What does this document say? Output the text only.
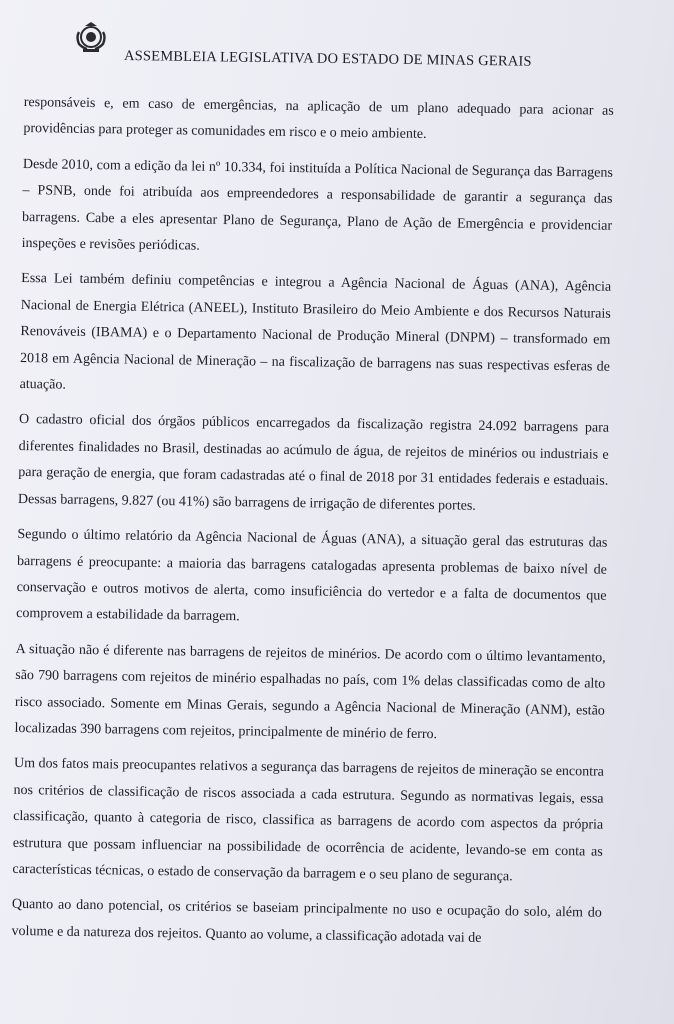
ASSEMBLEIA LEGISLATIVA DO ESTADO DE MINAS GERAIS

responsáveis e, em caso de emergências, na aplicação de um plano adequado para acionar as providências para proteger as comunidades em risco e o meio ambiente.

Desde 2010, com a edição da lei nº 10.334, foi instituída a Política Nacional de Segurança das Barragens – PSNB, onde foi atribuída aos empreendedores a responsabilidade de garantir a segurança das barragens. Cabe a eles apresentar Plano de Segurança, Plano de Ação de Emergência e providenciar inspeções e revisões periódicas.

Essa Lei também definiu competências e integrou a Agência Nacional de Águas (ANA), Agência Nacional de Energia Elétrica (ANEEL), Instituto Brasileiro do Meio Ambiente e dos Recursos Naturais Renováveis (IBAMA) e o Departamento Nacional de Produção Mineral (DNPM) – transformado em 2018 em Agência Nacional de Mineração – na fiscalização de barragens nas suas respectivas esferas de atuação.

O cadastro oficial dos órgãos públicos encarregados da fiscalização registra 24.092 barragens para diferentes finalidades no Brasil, destinadas ao acúmulo de água, de rejeitos de minérios ou industriais e para geração de energia, que foram cadastradas até o final de 2018 por 31 entidades federais e estaduais. Dessas barragens, 9.827 (ou 41%) são barragens de irrigação de diferentes portes.

Segundo o último relatório da Agência Nacional de Águas (ANA), a situação geral das estruturas das barragens é preocupante: a maioria das barragens catalogadas apresenta problemas de baixo nível de conservação e outros motivos de alerta, como insuficiência do vertedor e a falta de documentos que comprovem a estabilidade da barragem.

A situação não é diferente nas barragens de rejeitos de minérios. De acordo com o último levantamento, são 790 barragens com rejeitos de minério espalhadas no país, com 1% delas classificadas como de alto risco associado. Somente em Minas Gerais, segundo a Agência Nacional de Mineração (ANM), estão localizadas 390 barragens com rejeitos, principalmente de minério de ferro.

Um dos fatos mais preocupantes relativos a segurança das barragens de rejeitos de mineração se encontra nos critérios de classificação de riscos associada a cada estrutura. Segundo as normativas legais, essa classificação, quanto à categoria de risco, classifica as barragens de acordo com aspectos da própria estrutura que possam influenciar na possibilidade de ocorrência de acidente, levando-se em conta as características técnicas, o estado de conservação da barragem e o seu plano de segurança.

Quanto ao dano potencial, os critérios se baseiam principalmente no uso e ocupação do solo, além do volume e da natureza dos rejeitos. Quanto ao volume, a classificação adotada vai de
